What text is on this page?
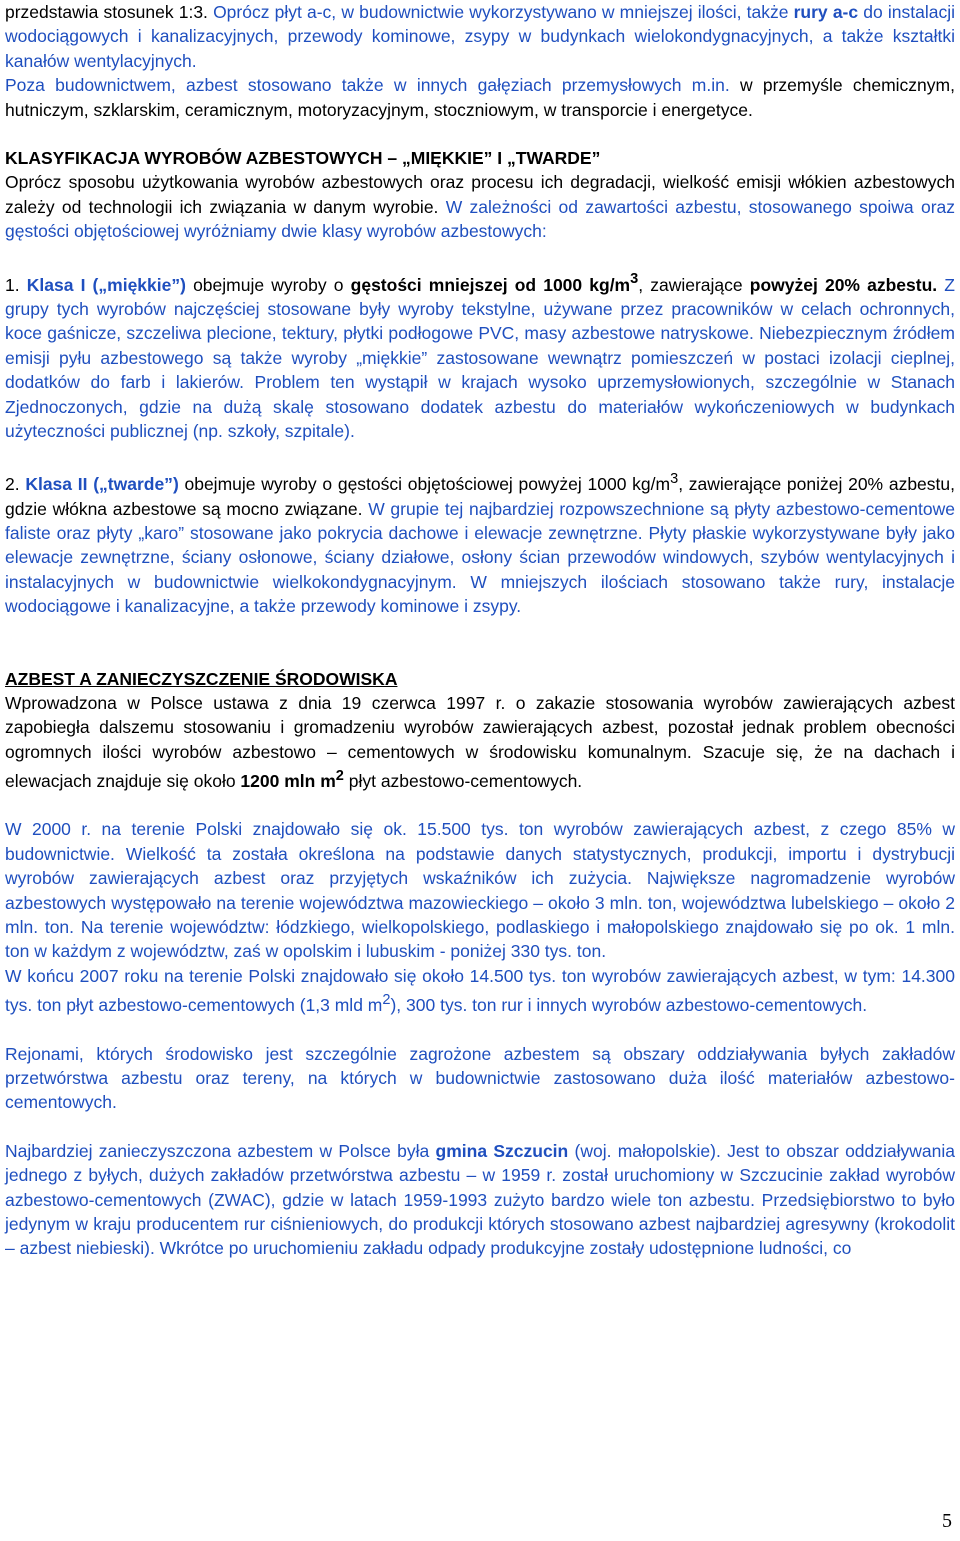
przedstawia stosunek 1:3. Oprócz płyt a-c, w budownictwie wykorzystywano w mniejszej ilości, także rury a-c do instalacji wodociągowych i kanalizacyjnych, przewody kominowe, zsypy w budynkach wielokondygnacyjnych, a także kształtki kanałów wentylacyjnych.

Poza budownictwem, azbest stosowano także w innych gałęziach przemysłowych m.in. w przemyśle chemicznym, hutniczym, szklarskim, ceramicznym, motoryzacyjnym, stoczniowym, w transporcie i energetyce.

KLASYFIKACJA WYROBÓW AZBESTOWYCH – „MIĘKKIE” I „TWARDE”

Oprócz sposobu użytkowania wyrobów azbestowych oraz procesu ich degradacji, wielkość emisji włókien azbestowych zależy od technologii ich związania w danym wyrobie. W zależności od zawartości azbestu, stosowanego spoiwa oraz gęstości objętościowej wyróżniamy dwie klasy wyrobów azbestowych:

1. Klasa I („miękkie”) obejmuje wyroby o gęstości mniejszej od 1000 $kg/m^3$, zawierające powyżej 20% azbestu. Z grupy tych wyrobów najczęściej stosowane były wyroby tekstylne, używane przez pracowników w celach ochronnych, koce gaśnicze, szczeliwa plecione, tektury, płytki podłogowe PVC, masy azbestowe natryskowe. Niebezpiecznym źródłem emisji pyłu azbestowego są także wyroby „miękkie” zastosowane wewnątrz pomieszczeń w postaci izolacji cieplnej, dodatków do farb i lakierów. Problem ten wystąpił w krajach wysoko uprzemysłowionych, szczególnie w Stanach Zjednoczonych, gdzie na dużą skalę stosowano dodatek azbestu do materiałów wykończeniowych w budynkach użyteczności publicznej (np. szkoły, szpitale).

2. Klasa II („twarde”) obejmuje wyroby o gęstości objętościowej powyżej 1000 $kg/m^3$, zawierające poniżej 20% azbestu, gdzie włókna azbestowe są mocno związane. W grupie tej najbardziej rozpowszechnione są płyty azbestowo-cementowe faliste oraz płyty „karo” stosowane jako pokrycia dachowe i elewacje zewnętrzne. Płyty płaskie wykorzystywane były jako elewacje zewnętrzne, ściany osłonowe, ściany działowe, osłony ścian przewodów windowych, szybów wentylacyjnych i instalacyjnych w budownictwie wielkokondygnacyjnym. W mniejszych ilościach stosowano także rury, instalacje wodociągowe i kanalizacyjne, a także przewody kominowe i zsypy.

AZBEST A ZANIECZYSZCZENIE ŚRODOWISKA

Wprowadzona w Polsce ustawa z dnia 19 czerwca 1997 r. o zakazie stosowania wyrobów zawierających azbest zapobiegła dalszemu stosowaniu i gromadzeniu wyrobów zawierających azbest, pozostał jednak problem obecności ogromnych ilości wyrobów azbestowo – cementowych w środowisku komunalnym. Szacuje się, że na dachach i elewacjach znajduje się około 1200 mln $m^2$ płyt azbestowo-cementowych.

W 2000 r. na terenie Polski znajdowało się ok. 15.500 tys. ton wyrobów zawierających azbest, z czego 85% w budownictwie. Wielkość ta została określona na podstawie danych statystycznych, produkcji, importu i dystrybucji wyrobów zawierających azbest oraz przyjętych wskaźników ich zużycia. Największe nagromadzenie wyrobów azbestowych występowało na terenie województwa mazowieckiego – około 3 mln. ton, województwa lubelskiego – około 2 mln. ton. Na terenie województw: łódzkiego, wielkopolskiego, podlaskiego i małopolskiego znajdowało się po ok. 1 mln. ton w każdym z województw, zaś w opolskim i lubuskim - poniżej 330 tys. ton.

W końcu 2007 roku na terenie Polski znajdowało się około 14.500 tys. ton wyrobów zawierających azbest, w tym: 14.300 tys. ton płyt azbestowo-cementowych (1,3 mld $m^2$), 300 tys. ton rur i innych wyrobów azbestowo-cementowych.

Rejonami, których środowisko jest szczególnie zagrożone azbestem są obszary oddziaływania byłych zakładów przetwórstwa azbestu oraz tereny, na których w budownictwie zastosowano duża ilość materiałów azbestowo-cementowych.

Najbardziej zanieczyszczona azbestem w Polsce była gmina Szczucin (woj. małopolskie). Jest to obszar oddziaływania jednego z byłych, dużych zakładów przetwórstwa azbestu – w 1959 r. został uruchomiony w Szczucinie zakład wyrobów azbestowo-cementowych (ZWAC), gdzie w latach 1959-1993 zużyto bardzo wiele ton azbestu. Przedsiębiorstwo to było jedynym w kraju producentem rur ciśnieniowych, do produkcji których stosowano azbest najbardziej agresywny (krokodolit – azbest niebieski). Wkrótce po uruchomieniu zakładu odpady produkcyjne zostały udostępnione ludności, co

5
